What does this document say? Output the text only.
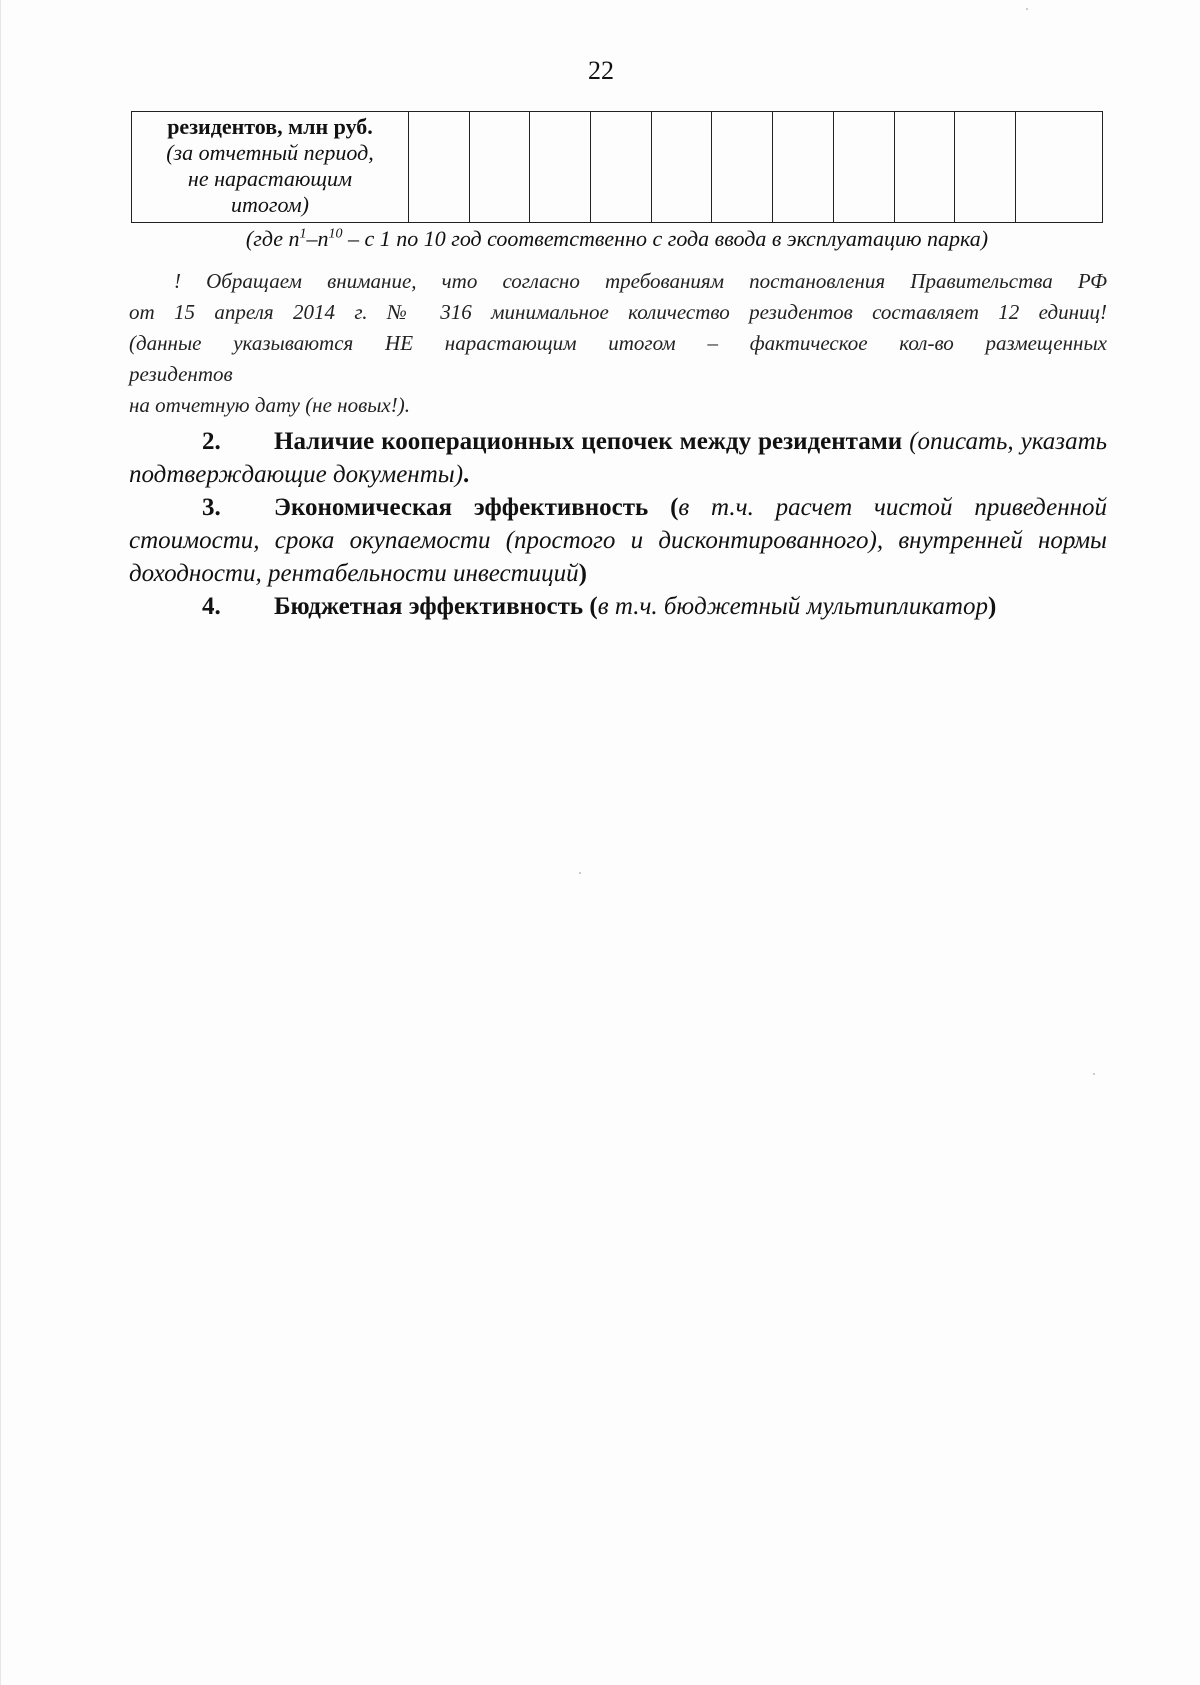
22
резидентов, млн руб.
(за отчетный период,
не нарастающим
итогом)

(где $n^1-n^{10}$ – с 1 по 10 год соответственно с года ввода в эксплуатацию парка)
! Обращаем внимание, что согласно требованиям постановления Правительства РФ
от 15 апреля 2014 г. № 316 минимальное количество резидентов составляет 12 единиц!
(данные указываются НЕ нарастающим итогом – фактическое кол-во размещенных
резидентов
на отчетную дату (не новых!).

2. Наличие кооперационных цепочек между резидентами (описать, указать подтверждающие документы).

3. Экономическая эффективность (в т.ч. расчет чистой приведенной стоимости, срока окупаемости (простого и дисконтированного), внутренней нормы доходности, рентабельности инвестиций)

4. Бюджетная эффективность (в т.ч. бюджетный мультипликатор)
